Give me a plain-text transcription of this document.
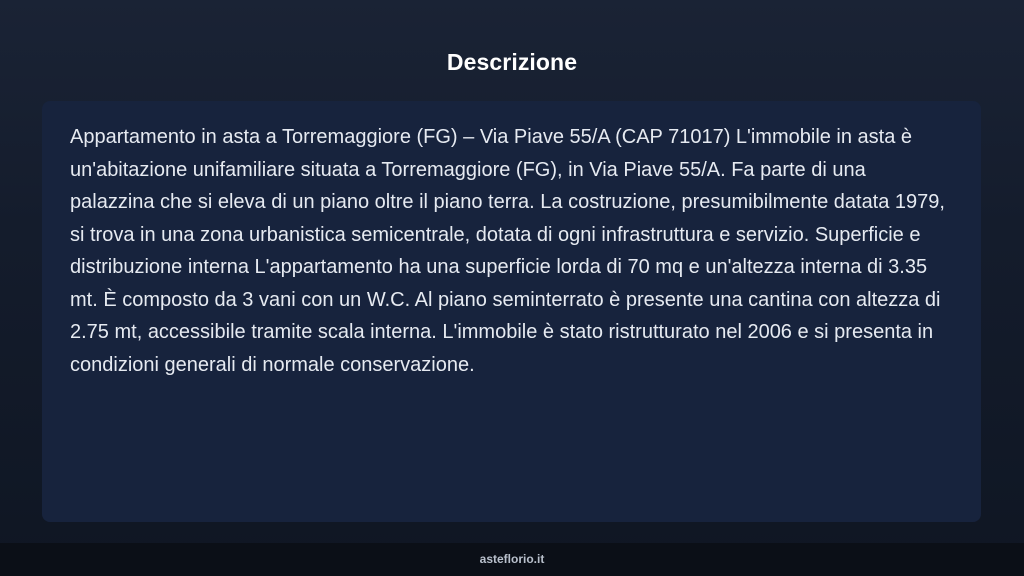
Descrizione

Appartamento in asta a Torremaggiore (FG) – Via Piave 55/A (CAP 71017) L'immobile in asta è un'abitazione unifamiliare situata a Torremaggiore (FG), in Via Piave 55/A. Fa parte di una palazzina che si eleva di un piano oltre il piano terra. La costruzione, presumibilmente datata 1979, si trova in una zona urbanistica semicentrale, dotata di ogni infrastruttura e servizio. Superficie e distribuzione interna L'appartamento ha una superficie lorda di 70 mq e un'altezza interna di 3.35 mt. È composto da 3 vani con un W.C. Al piano seminterrato è presente una cantina con altezza di 2.75 mt, accessibile tramite scala interna. L'immobile è stato ristrutturato nel 2006 e si presenta in condizioni generali di normale conservazione.

asteflorio.it
